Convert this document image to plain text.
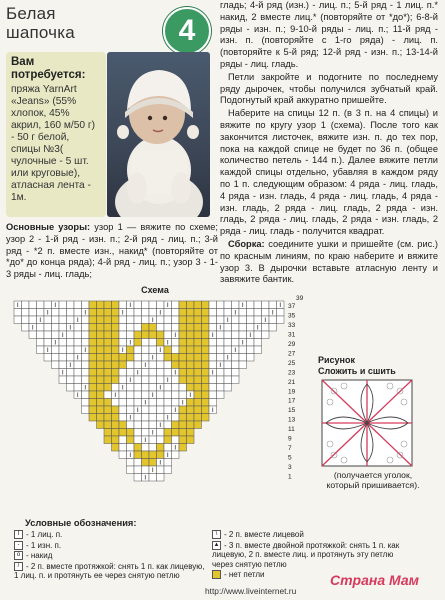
Белая
шапочка	4
Вам потребуется:
пряжа YarnArt «Jeans» (55% хлопок, 45% акрил, 160 м/50 г) - 50 г белой, спицы №3( чулочные - 5 шт. или круговые), атласная лента - 1м.

гладь; 4-й ряд (изн.) - лиц. п.; 5-й ряд - 1 лиц. п.* накид, 2 вместе лиц.* (повторяйте от *до*); 6-8-й ряды - изн. п.; 9-10-й ряды - лиц. п.; 11-й ряд - изн. п. (повторяйте с 1-го ряда) - лиц. п. (повторяйте к 5-й ряд; 12-й ряд - изн. п.; 13-14-й ряды - лиц. гладь.

Петли закройте и подогните по последнему ряду дырочек, чтобы получился зубчатый край. Подогнутый край аккуратно пришейте.

Наберите на спицы 12 п. (в 3 п. на 4 спицы) и вяжите по кругу узор 1 (схема). После того как закончится листочек, вяжите изн. п. до тех пор, пока на каждой спице не будет по 36 п. (общее количество петель - 144 п.). Далее вяжите петли каждой спицы отдельно, убавляя в каждом ряду по 1 п. следующим образом: 4 ряда - лиц. гладь, 4 ряда - изн. гладь, 4 ряда - лиц. гладь, 4 ряда - изн. гладь, 2 ряда - лиц. гладь, 2 ряда - изн. гладь, 2 ряда - лиц. гладь, 2 ряда - изн. гладь, 2 ряда - лиц. гладь - получится квадрат.

Сборка: соедините ушки и пришейте (см. рис.) по красным линиям, по краю наберите и вяжите узор 3. В дырочки вставьте атласную ленту и завяжите бантик.

Основные узоры: узор 1 — вяжите по схеме; узор 2 - 1-й ряд - изн. п.; 2-й ряд - лиц. п.; 3-й ряд - *2 п. вместе изн., накид* (повторяйте от *до* до конца ряда); 4-й ряд - лиц. п.; узор 3 - 1-3 ряды - лиц. гладь;

Схема
37
35
33
31
29
27
25
23
21
19
17
15
13
11
9
7
5
3
1
39
Рисунок
Сложить и сшить
(получается уголок, который пришивается).
Условные обозначения:
I - 1 лиц. п.
- - 1 изн. п.
o - накид
/ - 2 п. вместе протяжкой: снять 1 п. как лицевую, 1 лиц. п. и протянуть ее через снятую петлю
\ - 2 п. вместе лицевой
▲ - 3 п. вместе двойной протяжкой: снять 1 п. как лицевую, 2 п. вместе лиц. и протянуть эту петлю через снятую петлю
- нет петли
http://www.liveinternet.ru
Страна Мам
